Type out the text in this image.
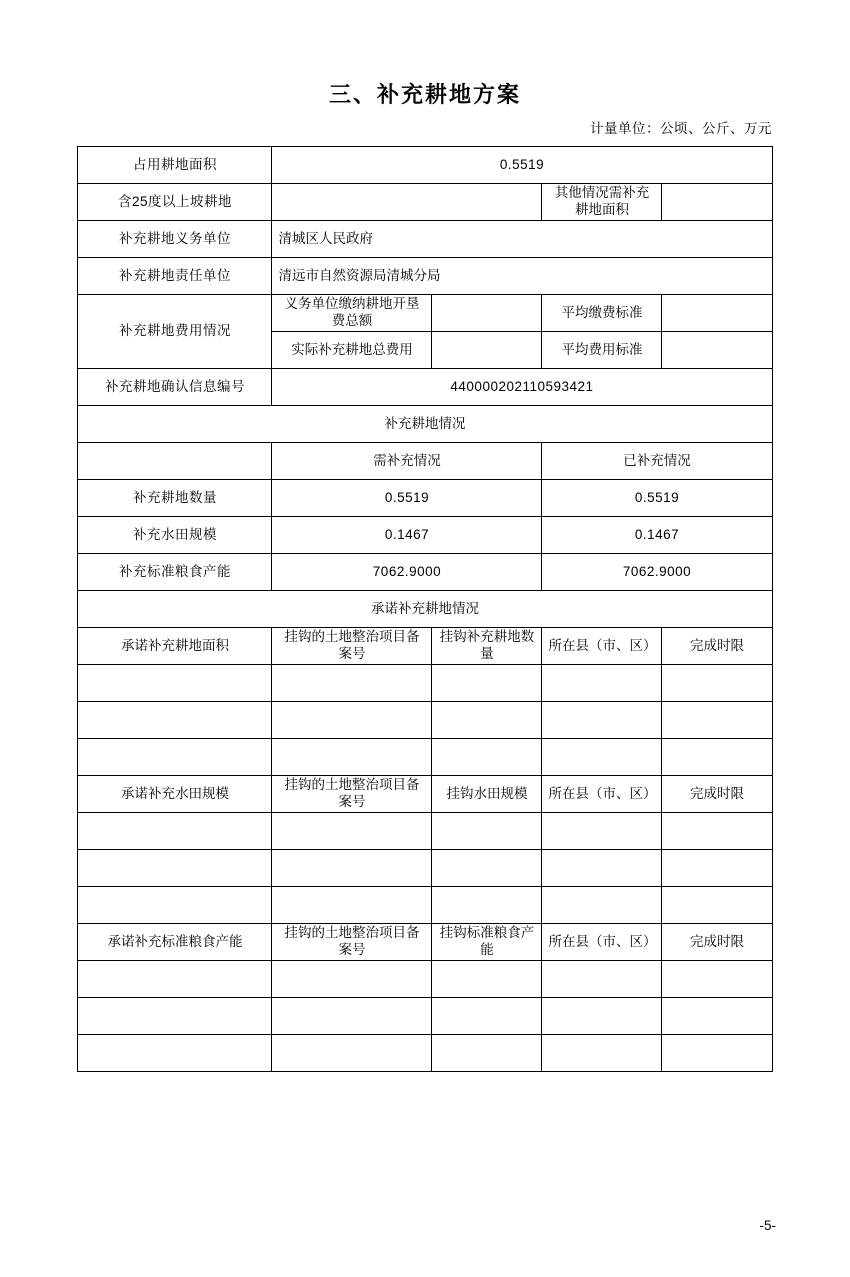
三、补充耕地方案
计量单位：公顷、公斤、万元
占用耕地面积	0.5519			
含25度以上坡耕地			其他情况需补充耕地面积	
补充耕地义务单位	清城区人民政府			
补充耕地责任单位	清远市自然资源局清城分局			
补充耕地费用情况	义务单位缴纳耕地开垦费总额		平均缴费标准	
	实际补充耕地总费用		平均费用标准	
补充耕地确认信息编号	440000202110593421			
补充耕地情况				
	需补充情况		已补充情况	
补充耕地数量	0.5519		0.5519	
补充水田规模	0.1467		0.1467	
补充标准粮食产能	7062.9000		7062.9000	
承诺补充耕地情况				
承诺补充耕地面积	挂钩的土地整治项目备案号	挂钩补充耕地数量	所在县（市、区）	完成时限

承诺补充水田规模	挂钩的土地整治项目备案号	挂钩水田规模	所在县（市、区）	完成时限

承诺补充标准粮食产能	挂钩的土地整治项目备案号	挂钩标准粮食产能	所在县（市、区）	完成时限

-5-
